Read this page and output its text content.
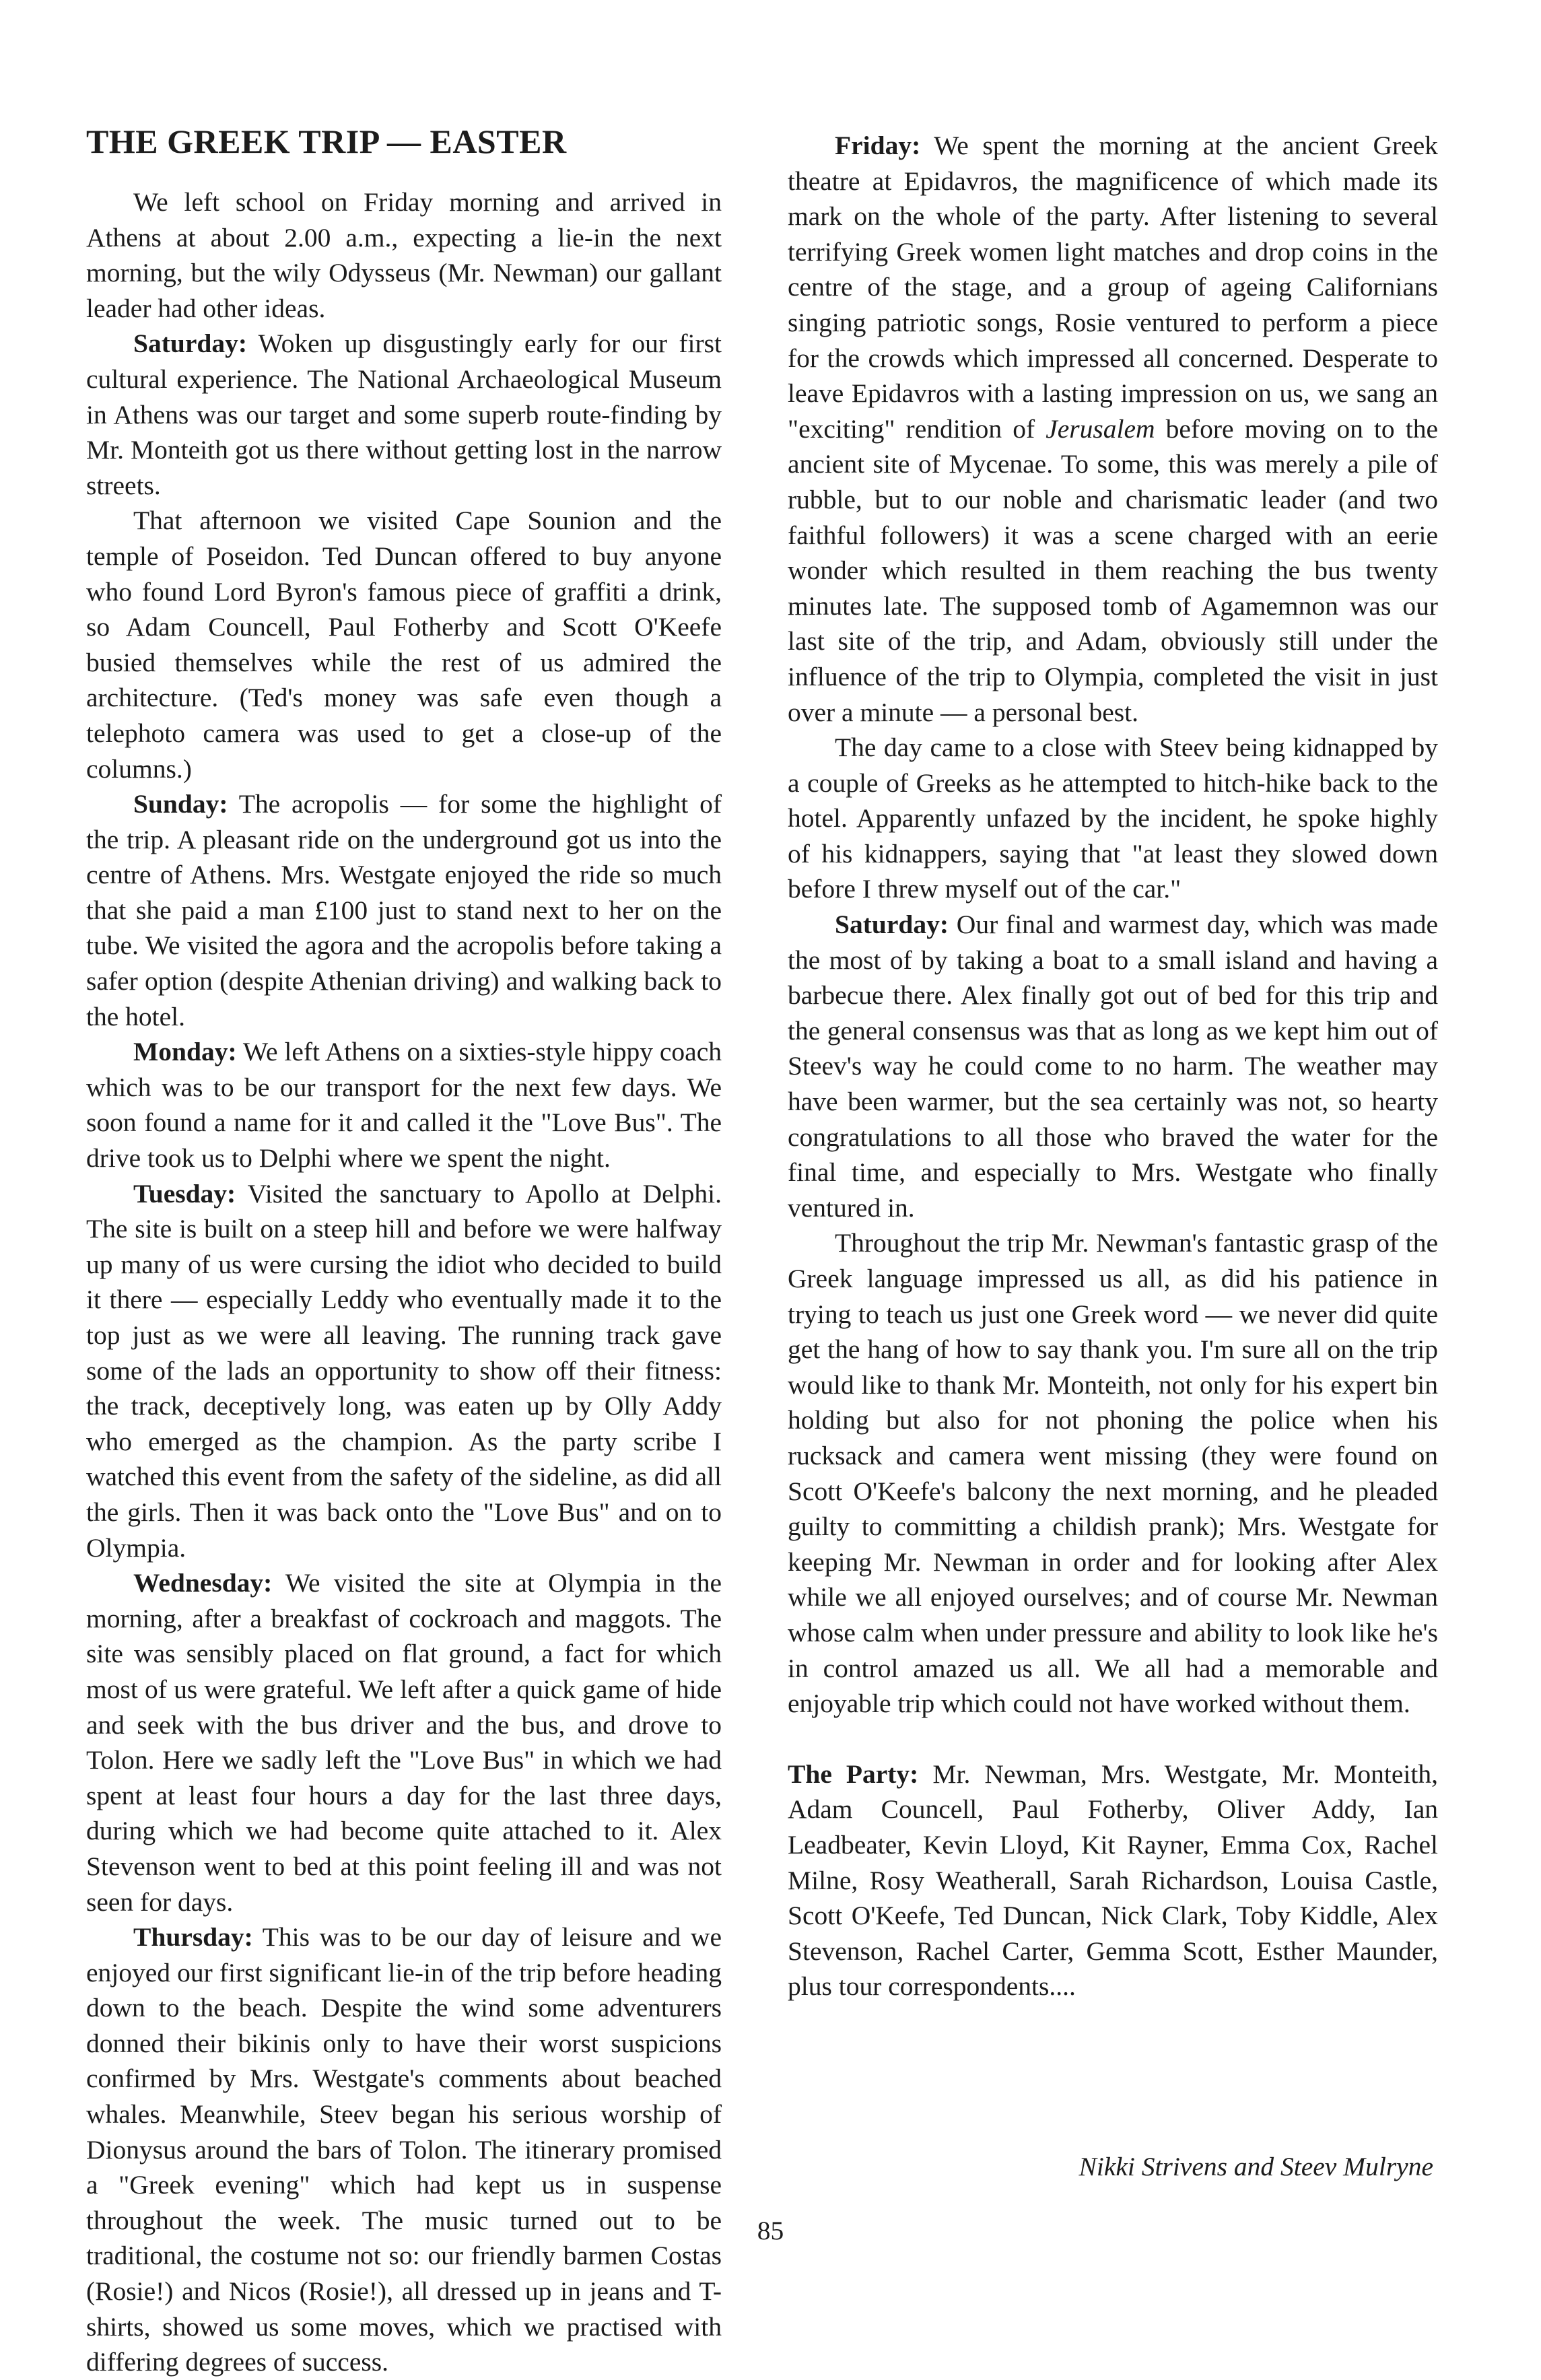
THE GREEK TRIP — EASTER

We left school on Friday morning and arrived in Athens at about 2.00 a.m., expecting a lie-in the next morning, but the wily Odysseus (Mr. Newman) our gallant leader had other ideas.

Saturday: Woken up disgustingly early for our first cultural experience. The National Archaeological Museum in Athens was our target and some superb route-finding by Mr. Monteith got us there without getting lost in the narrow streets.

That afternoon we visited Cape Sounion and the temple of Poseidon. Ted Duncan offered to buy anyone who found Lord Byron's famous piece of graffiti a drink, so Adam Councell, Paul Fotherby and Scott O'Keefe busied themselves while the rest of us admired the architecture. (Ted's money was safe even though a telephoto camera was used to get a close-up of the columns.)

Sunday: The acropolis — for some the highlight of the trip. A pleasant ride on the underground got us into the centre of Athens. Mrs. Westgate enjoyed the ride so much that she paid a man £100 just to stand next to her on the tube. We visited the agora and the acropolis before taking a safer option (despite Athenian driving) and walking back to the hotel.

Monday: We left Athens on a sixties-style hippy coach which was to be our transport for the next few days. We soon found a name for it and called it the "Love Bus". The drive took us to Delphi where we spent the night.

Tuesday: Visited the sanctuary to Apollo at Delphi. The site is built on a steep hill and before we were halfway up many of us were cursing the idiot who decided to build it there — especially Leddy who eventually made it to the top just as we were all leaving. The running track gave some of the lads an opportunity to show off their fitness: the track, deceptively long, was eaten up by Olly Addy who emerged as the champion. As the party scribe I watched this event from the safety of the sideline, as did all the girls. Then it was back onto the "Love Bus" and on to Olympia.

Wednesday: We visited the site at Olympia in the morning, after a breakfast of cockroach and maggots. The site was sensibly placed on flat ground, a fact for which most of us were grateful. We left after a quick game of hide and seek with the bus driver and the bus, and drove to Tolon. Here we sadly left the "Love Bus" in which we had spent at least four hours a day for the last three days, during which we had become quite attached to it. Alex Stevenson went to bed at this point feeling ill and was not seen for days.

Thursday: This was to be our day of leisure and we enjoyed our first significant lie-in of the trip before heading down to the beach. Despite the wind some adventurers donned their bikinis only to have their worst suspicions confirmed by Mrs. Westgate's comments about beached whales. Meanwhile, Steev began his serious worship of Dionysus around the bars of Tolon. The itinerary promised a "Greek evening" which had kept us in suspense throughout the week. The music turned out to be traditional, the costume not so: our friendly barmen Costas (Rosie!) and Nicos (Rosie!), all dressed up in jeans and T-shirts, showed us some moves, which we practised with differing degrees of success.

Friday: We spent the morning at the ancient Greek theatre at Epidavros, the magnificence of which made its mark on the whole of the party. After listening to several terrifying Greek women light matches and drop coins in the centre of the stage, and a group of ageing Californians singing patriotic songs, Rosie ventured to perform a piece for the crowds which impressed all concerned. Desperate to leave Epidavros with a lasting impression on us, we sang an "exciting" rendition of Jerusalem before moving on to the ancient site of Mycenae. To some, this was merely a pile of rubble, but to our noble and charismatic leader (and two faithful followers) it was a scene charged with an eerie wonder which resulted in them reaching the bus twenty minutes late. The supposed tomb of Agamemnon was our last site of the trip, and Adam, obviously still under the influence of the trip to Olympia, completed the visit in just over a minute — a personal best.

The day came to a close with Steev being kidnapped by a couple of Greeks as he attempted to hitch-hike back to the hotel. Apparently unfazed by the incident, he spoke highly of his kidnappers, saying that "at least they slowed down before I threw myself out of the car."

Saturday: Our final and warmest day, which was made the most of by taking a boat to a small island and having a barbecue there. Alex finally got out of bed for this trip and the general consensus was that as long as we kept him out of Steev's way he could come to no harm. The weather may have been warmer, but the sea certainly was not, so hearty congratulations to all those who braved the water for the final time, and especially to Mrs. Westgate who finally ventured in.

Throughout the trip Mr. Newman's fantastic grasp of the Greek language impressed us all, as did his patience in trying to teach us just one Greek word — we never did quite get the hang of how to say thank you. I'm sure all on the trip would like to thank Mr. Monteith, not only for his expert bin holding but also for not phoning the police when his rucksack and camera went missing (they were found on Scott O'Keefe's balcony the next morning, and he pleaded guilty to committing a childish prank); Mrs. Westgate for keeping Mr. Newman in order and for looking after Alex while we all enjoyed ourselves; and of course Mr. Newman whose calm when under pressure and ability to look like he's in control amazed us all. We all had a memorable and enjoyable trip which could not have worked without them.

The Party: Mr. Newman, Mrs. Westgate, Mr. Monteith, Adam Councell, Paul Fotherby, Oliver Addy, Ian Leadbeater, Kevin Lloyd, Kit Rayner, Emma Cox, Rachel Milne, Rosy Weatherall, Sarah Richardson, Louisa Castle, Scott O'Keefe, Ted Duncan, Nick Clark, Toby Kiddle, Alex Stevenson, Rachel Carter, Gemma Scott, Esther Maunder, plus tour correspondents....

Nikki Strivens and Steev Mulryne
85
